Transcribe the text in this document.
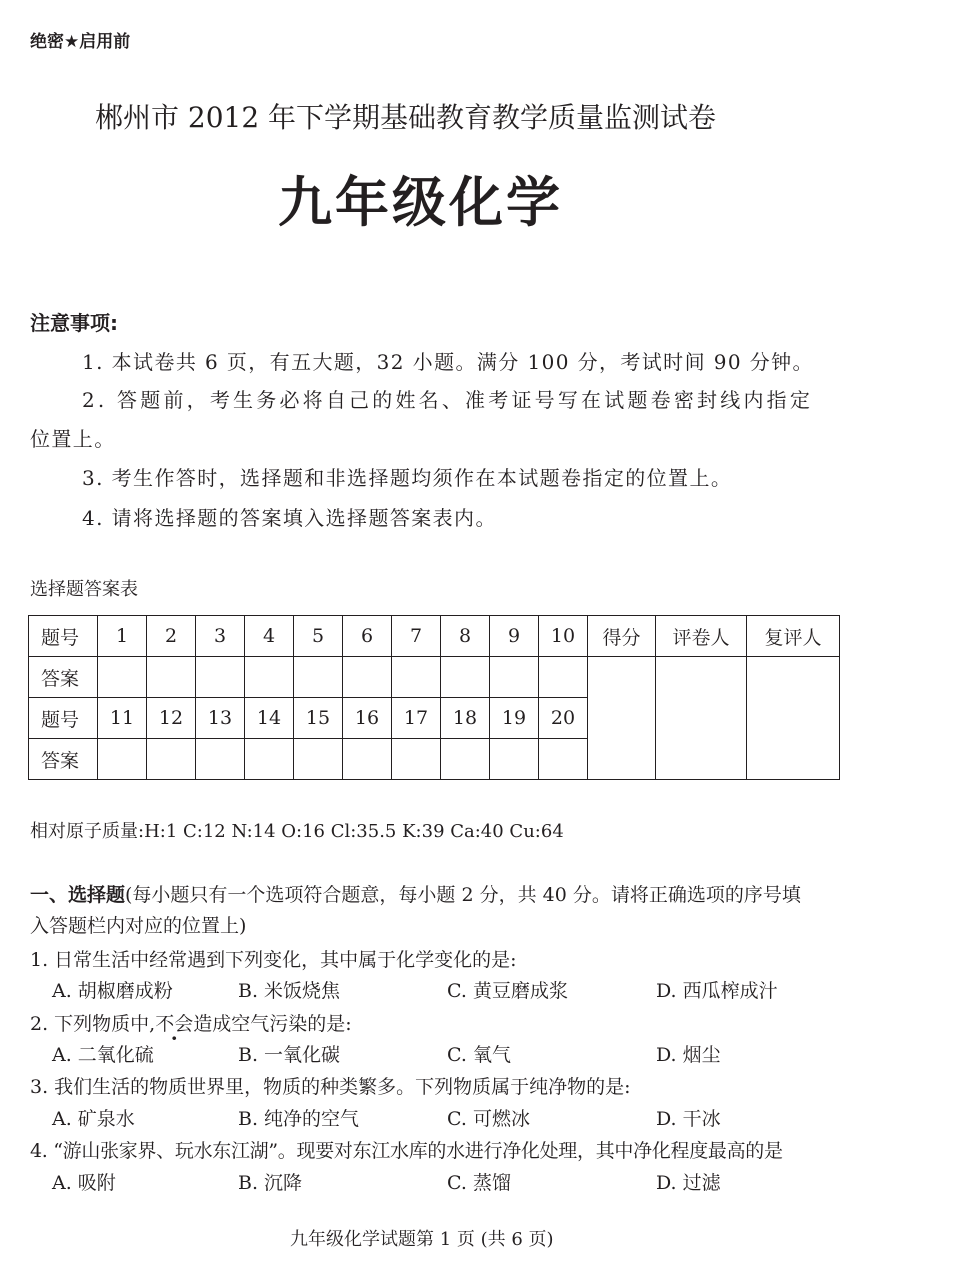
绝密★启用前
郴州市 2012 年下学期基础教育教学质量监测试卷
九年级化学
注意事项:
1. 本试卷共 6 页，有五大题，32 小题。满分 100 分，考试时间 90 分钟。
2. 答题前，考生务必将自己的姓名、准考证号写在试题卷密封线内指定
位置上。
3. 考生作答时，选择题和非选择题均须作在本试题卷指定的位置上。
4. 请将选择题的答案填入选择题答案表内。
选择题答案表
题号	1	2	3	4	5	6	7	8	9	10	得分	评卷人	复评人
答案													
题号	11	12	13	14	15	16	17	18	19	20			
答案													
相对原子质量:H:1 C:12 N:14 O:16 Cl:35.5 K:39 Ca:40 Cu:64
一、选择题(每小题只有一个选项符合题意，每小题 2 分，共 40 分。请将正确选项的序号填
入答题栏内对应的位置上)
1. 日常生活中经常遇到下列变化，其中属于化学变化的是:
A. 胡椒磨成粉	B. 米饭烧焦	C. 黄豆磨成浆	D. 西瓜榨成汁
2. 下列物质中,不会造成空气污染的是:
A. 二氧化硫	B. 一氧化碳	C. 氧气	D. 烟尘
3. 我们生活的物质世界里，物质的种类繁多。下列物质属于纯净物的是:
A. 矿泉水	B. 纯净的空气	C. 可燃冰	D. 干冰
4. “游山张家界、玩水东江湖”。现要对东江水库的水进行净化处理，其中净化程度最高的是
A. 吸附	B. 沉降	C. 蒸馏	D. 过滤
九年级化学试题第 1 页 (共 6 页)
